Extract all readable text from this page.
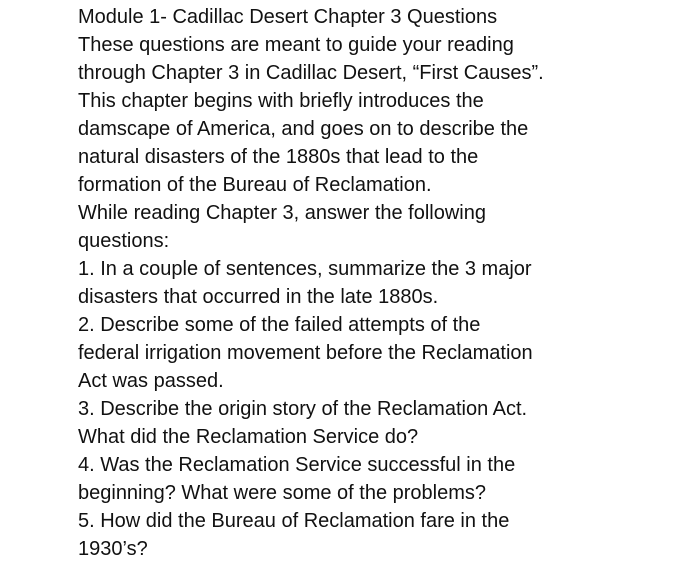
Module 1- Cadillac Desert Chapter 3 Questions
These questions are meant to guide your reading
through Chapter 3 in Cadillac Desert, “First Causes”.
This chapter begins with briefly introduces the
damscape of America, and goes on to describe the
natural disasters of the 1880s that lead to the
formation of the Bureau of Reclamation.
While reading Chapter 3, answer the following
questions:
1. In a couple of sentences, summarize the 3 major
disasters that occurred in the late 1880s.
2. Describe some of the failed attempts of the
federal irrigation movement before the Reclamation
Act was passed.
3. Describe the origin story of the Reclamation Act.
What did the Reclamation Service do?
4. Was the Reclamation Service successful in the
beginning? What were some of the problems?
5. How did the Bureau of Reclamation fare in the
1930’s?
